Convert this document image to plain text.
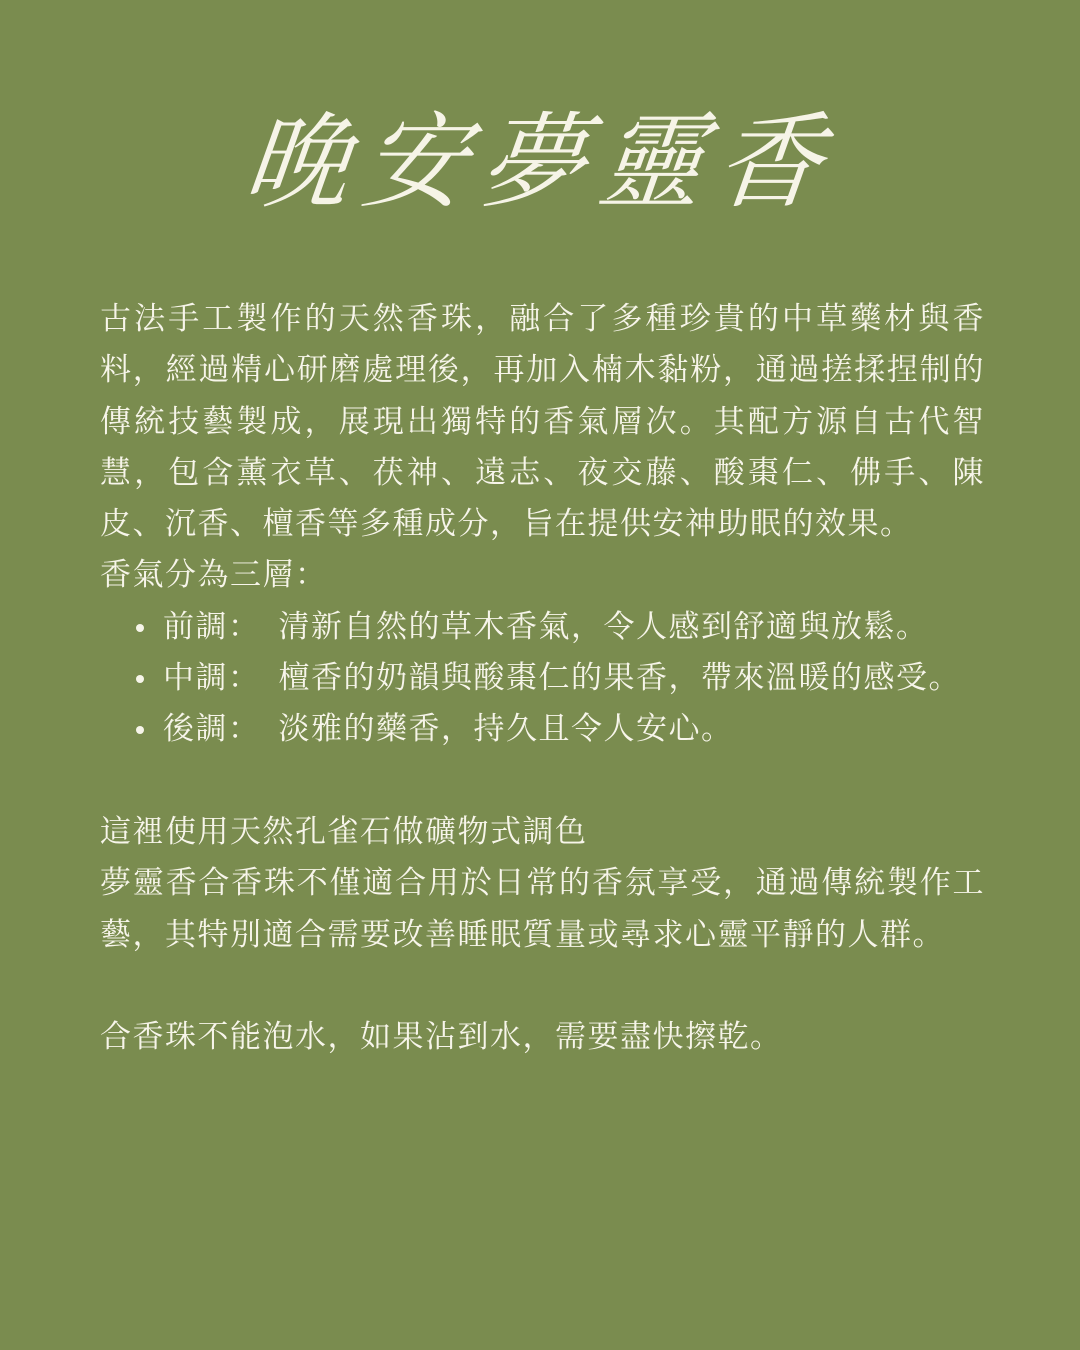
晚安夢靈香

古法手工製作的天然香珠，融合了多種珍貴的中草藥材與香料，經過精心研磨處理後，再加入楠木黏粉，通過搓揉捏制的傳統技藝製成，展現出獨特的香氣層次。其配方源自古代智慧，包含薰衣草、茯神、遠志、夜交藤、酸棗仁、佛手、陳皮、沉香、檀香等多種成分，旨在提供安神助眠的效果。

香氣分為三層：

前調： 清新自然的草木香氣，令人感到舒適與放鬆。
中調： 檀香的奶韻與酸棗仁的果香，帶來溫暖的感受。
後調： 淡雅的藥香，持久且令人安心。

這裡使用天然孔雀石做礦物式調色

夢靈香合香珠不僅適合用於日常的香氛享受，通過傳統製作工藝，其特別適合需要改善睡眠質量或尋求心靈平靜的人群。

合香珠不能泡水，如果沾到水，需要盡快擦乾。
